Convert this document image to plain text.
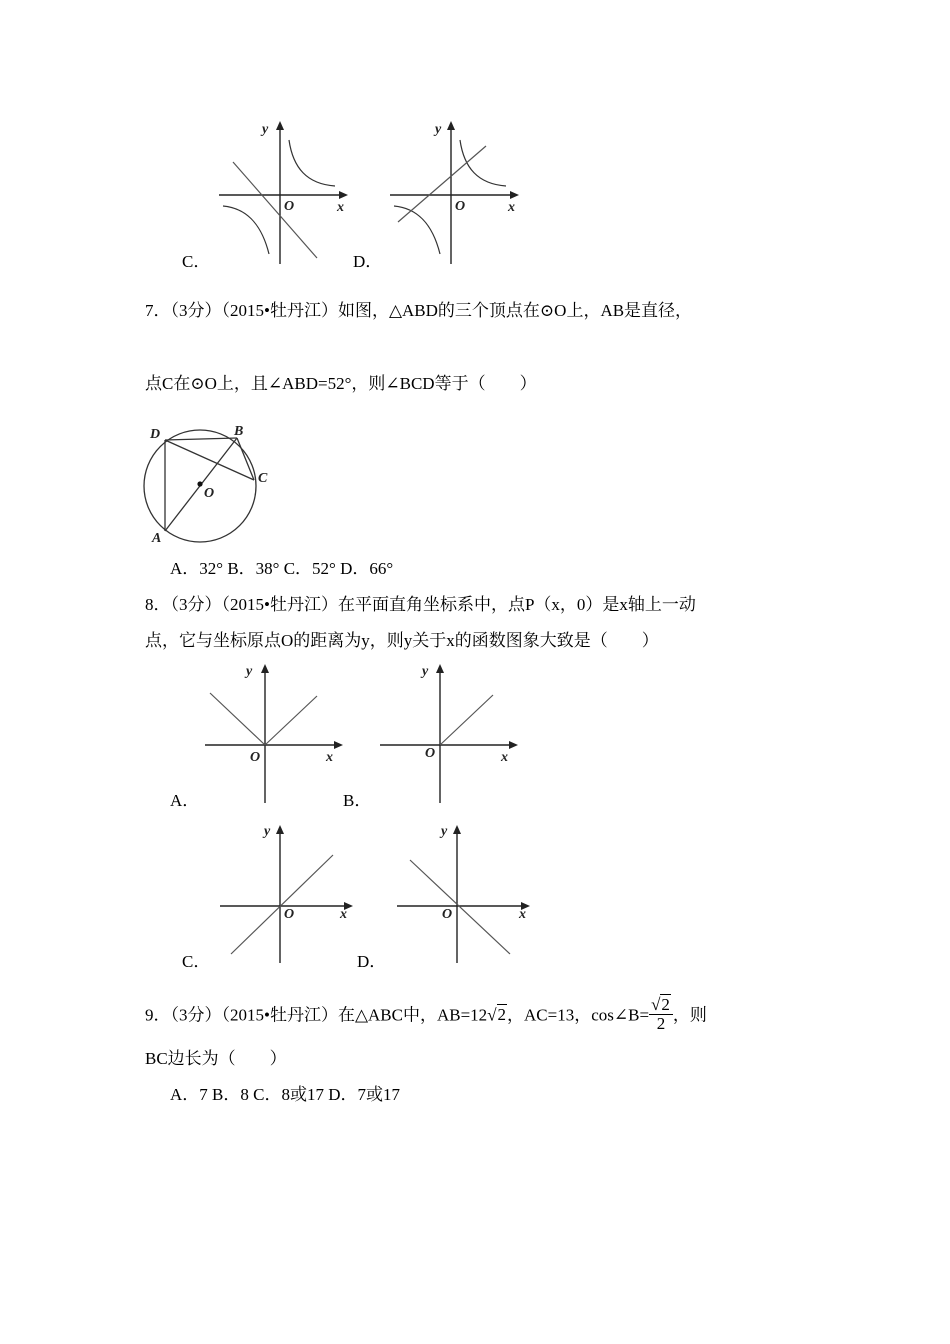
y
x
O
C．
y
x
O
D．
7．（3分）（2015•牡丹江）如图，△ABD的三个顶点在⊙O上，AB是直径，
点C在⊙O上，且∠ABD=52°，则∠BCD等于（　　）
D	B
C
O
A
A．32° B．38° C．52° D．66°
8．（3分）（2015•牡丹江）在平面直角坐标系中，点P（x，0）是x轴上一动
点，它与坐标原点O的距离为y，则y关于x的函数图象大致是（　　）
y
x
O
A．
y
x
O
B．
y
x
O
C．
y
x
O
D．
9．（3分）（2015•牡丹江）在△ABC中，AB=12√2，AC=13，cos∠B= $\frac{√2}{2}$ ，则
BC边长为（　　）
A．7 B．8 C．8或17 D．7或17
